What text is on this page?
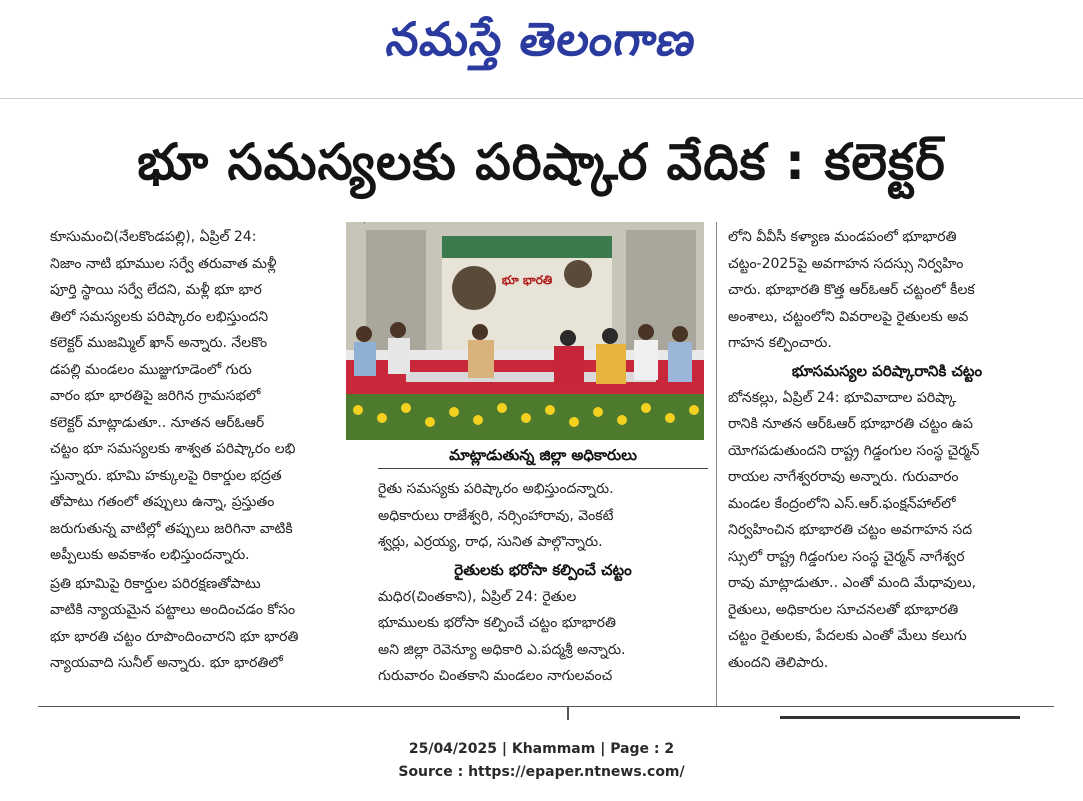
నమస్తే తెలంగాణ
భూ సమస్యలకు పరిష్కార వేదిక : కలెక్టర్
కూసుమంచి(నేలకొండపల్లి), ఏప్రిల్ 24:
నిజాం నాటి భూముల సర్వే తరువాత మళ్లీ
పూర్తి స్థాయి సర్వే లేదని, మళ్లీ భూ భార
తిలో సమస్యలకు పరిష్కారం లభిస్తుందని
కలెక్టర్ ముజమ్మిల్ ఖాన్ అన్నారు. నేలకొం
డపల్లి మండలం ముజ్జుగూడెంలో గురు
వారం భూ భారతిపై జరిగిన గ్రామసభలో
కలెక్టర్ మాట్లాడుతూ.. నూతన ఆర్ఓఆర్
చట్టం భూ సమస్యలకు శాశ్వత పరిష్కారం లభి
స్తున్నారు. భూమి హక్కులపై రికార్డుల భద్రత
తోపాటు గతంలో తప్పులు ఉన్నా, ప్రస్తుతం
జరుగుతున్న వాటిల్లో తప్పులు జరిగినా వాటికి
అప్పీలుకు అవకాశం లభిస్తుందన్నారు.
ప్రతి భూమిపై రికార్డుల పరిరక్షణతోపాటు
వాటికి న్యాయమైన పట్టాలు అందించడం కోసం
భూ భారతి చట్టం రూపొందించారని భూ భారతి
న్యాయవాది సునీల్ అన్నారు. భూ భారతిలో
భూ భారతి
మాట్లాడుతున్న జిల్లా అధికారులు
రైతు సమస్యకు పరిష్కారం అభిస్తుందన్నారు.
అధికారులు రాజేశ్వరి, నర్సింహారావు, వెంకటే
శ్వర్లు, ఎర్రయ్య, రాధ, సునిత పాల్గొన్నారు.
రైతులకు భరోసా కల్పించే చట్టం
మధిర(చింతకాని), ఏప్రిల్ 24: రైతుల
భూములకు భరోసా కల్పించే చట్టం భూభారతి
అని జిల్లా రెవెన్యూ అధికారి ఎ.పద్మశ్రీ అన్నారు.
గురువారం చింతకాని మండలం నాగులవంచ
లోని వీవీసీ కళ్యాణ మండపంలో భూభారతి
చట్టం-2025పై అవగాహన సదస్సు నిర్వహిం
చారు. భూభారతి కొత్త ఆర్ఓఆర్ చట్టంలో కీలక
అంశాలు, చట్టంలోని వివరాలపై రైతులకు అవ
గాహన కల్పించారు.
భూసమస్యల పరిష్కారానికి చట్టం
బోనకల్లు, ఏప్రిల్ 24: భూవివాదాల పరిష్కా
రానికి నూతన ఆర్ఓఆర్ భూభారతి చట్టం ఉప
యోగపడుతుందని రాష్ట్ర గిడ్డంగుల సంస్థ చైర్మన్
రాయల నాగేశ్వరరావు అన్నారు. గురువారం
మండల కేంద్రంలోని ఎస్.ఆర్.ఫంక్షన్‌హాల్‌లో
నిర్వహించిన భూభారతి చట్టం అవగాహన సద
స్సులో రాష్ట్ర గిడ్డంగుల సంస్థ చైర్మన్ నాగేశ్వర
రావు మాట్లాడుతూ.. ఎంతో మంది మేధావులు,
రైతులు, అధికారుల సూచనలతో భూభారతి
చట్టం రైతులకు, పేదలకు ఎంతో మేలు కలుగు
తుందని తెలిపారు.
25/04/2025 | Khammam | Page : 2
Source : https://epaper.ntnews.com/
